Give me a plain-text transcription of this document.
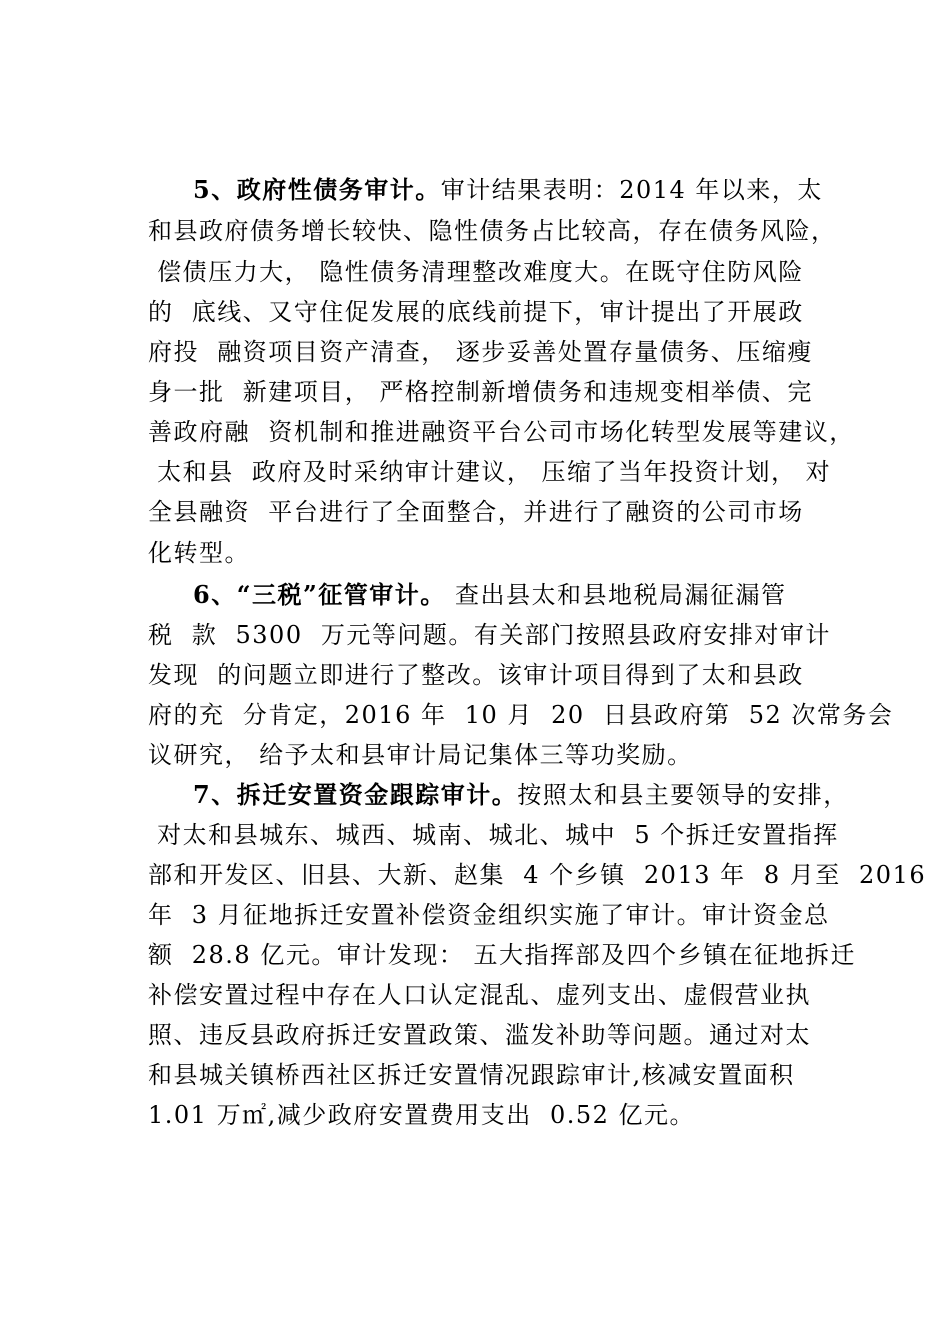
5、政府性债务审计。审计结果表明：2014 年以来，太
和县政府债务增长较快、隐性债务占比较高，存在债务风险，
偿债压力大， 隐性债务清理整改难度大。在既守住防风险
的  底线、又守住促发展的底线前提下，审计提出了开展政
府投  融资项目资产清查， 逐步妥善处置存量债务、压缩瘦
身一批  新建项目， 严格控制新增债务和违规变相举债、完
善政府融  资机制和推进融资平台公司市场化转型发展等建议，
太和县  政府及时采纳审计建议， 压缩了当年投资计划， 对
全县融资  平台进行了全面整合，并进行了融资的公司市场
化转型。
6、“三税”征管审计。 查出县太和县地税局漏征漏管
税  款  5300  万元等问题。有关部门按照县政府安排对审计
发现  的问题立即进行了整改。该审计项目得到了太和县政
府的充  分肯定，2016 年  10 月  20  日县政府第  52 次常务会
议研究， 给予太和县审计局记集体三等功奖励。
7、拆迁安置资金跟踪审计。按照太和县主要领导的安排，
对太和县城东、城西、城南、城北、城中  5 个拆迁安置指挥
部和开发区、旧县、大新、赵集  4 个乡镇  2013 年  8 月至  2016
年  3 月征地拆迁安置补偿资金组织实施了审计。审计资金总
额  28.8 亿元。审计发现： 五大指挥部及四个乡镇在征地拆迁
补偿安置过程中存在人口认定混乱、虚列支出、虚假营业执
照、违反县政府拆迁安置政策、滥发补助等问题。通过对太
和县城关镇桥西社区拆迁安置情况跟踪审计,核减安置面积
1.01 万㎡,减少政府安置费用支出  0.52 亿元。
